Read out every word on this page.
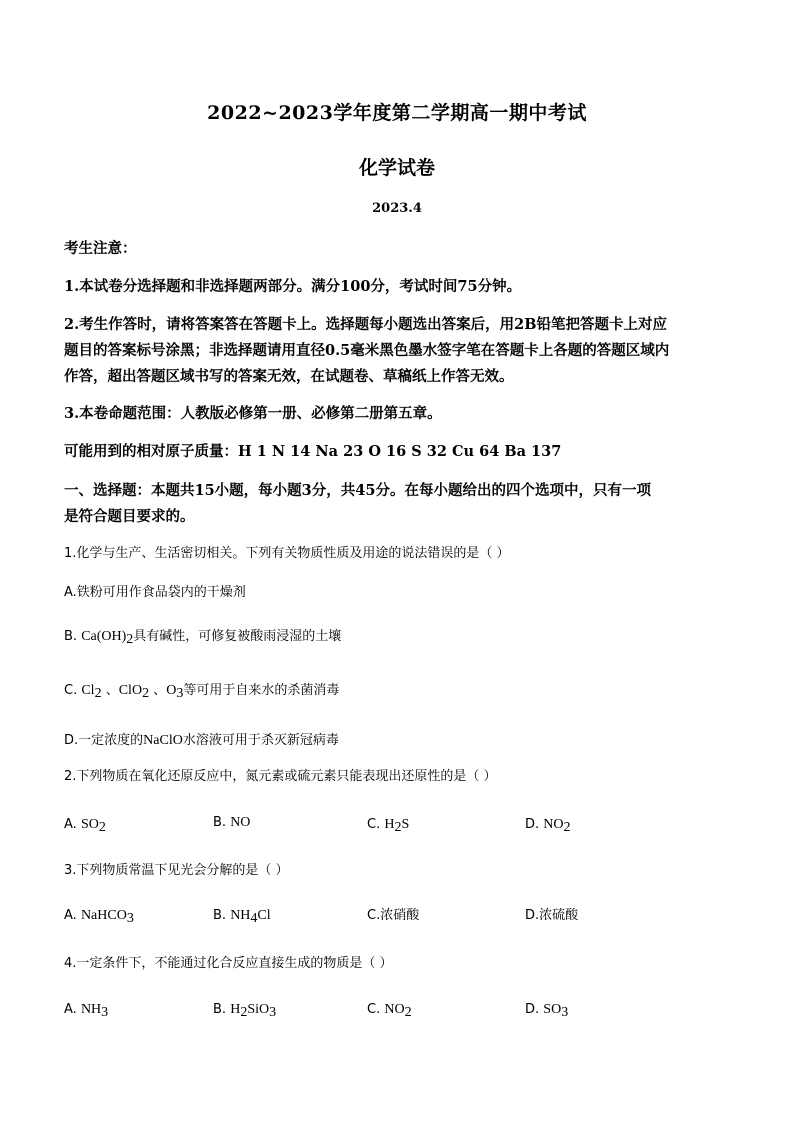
2022~2023学年度第二学期高一期中考试
化学试卷
2023.4
考生注意：
1.本试卷分选择题和非选择题两部分。满分100分，考试时间75分钟。
2.考生作答时，请将答案答在答题卡上。选择题每小题选出答案后，用2B铅笔把答题卡上对应
题目的答案标号涂黑；非选择题请用直径0.5毫米黑色墨水签字笔在答题卡上各题的答题区域内
作答，超出答题区域书写的答案无效，在试题卷、草稿纸上作答无效。
3.本卷命题范围：人教版必修第一册、必修第二册第五章。
可能用到的相对原子质量：H 1 N 14 Na 23 O 16 S 32 Cu 64 Ba 137
一、选择题：本题共15小题，每小题3分，共45分。在每小题给出的四个选项中，只有一项
是符合题目要求的。
1.化学与生产、生活密切相关。下列有关物质性质及用途的说法错误的是（ ）
A.铁粉可用作食品袋内的干燥剂
B. $Ca(OH)_2$具有碱性，可修复被酸雨浸湿的土壤
C. $Cl_2$ 、ClO$_2$ 、$O_3$等可用于自来水的杀菌消毒
D.一定浓度的NaClO水溶液可用于杀灭新冠病毒
2.下列物质在氧化还原反应中，氮元素或硫元素只能表现出还原性的是（ ）
A. $SO_2$	B. NO	C. $H_2S$	D. $NO_2$
3.下列物质常温下见光会分解的是（ ）
A. NaHCO$_3$	B. $NH_4Cl$	C.浓硝酸	D.浓硫酸
4.一定条件下，不能通过化合反应直接生成的物质是（ ）
A. $NH_3$	B. $H_2SiO_3$	C. $NO_2$	D. $SO_3$
